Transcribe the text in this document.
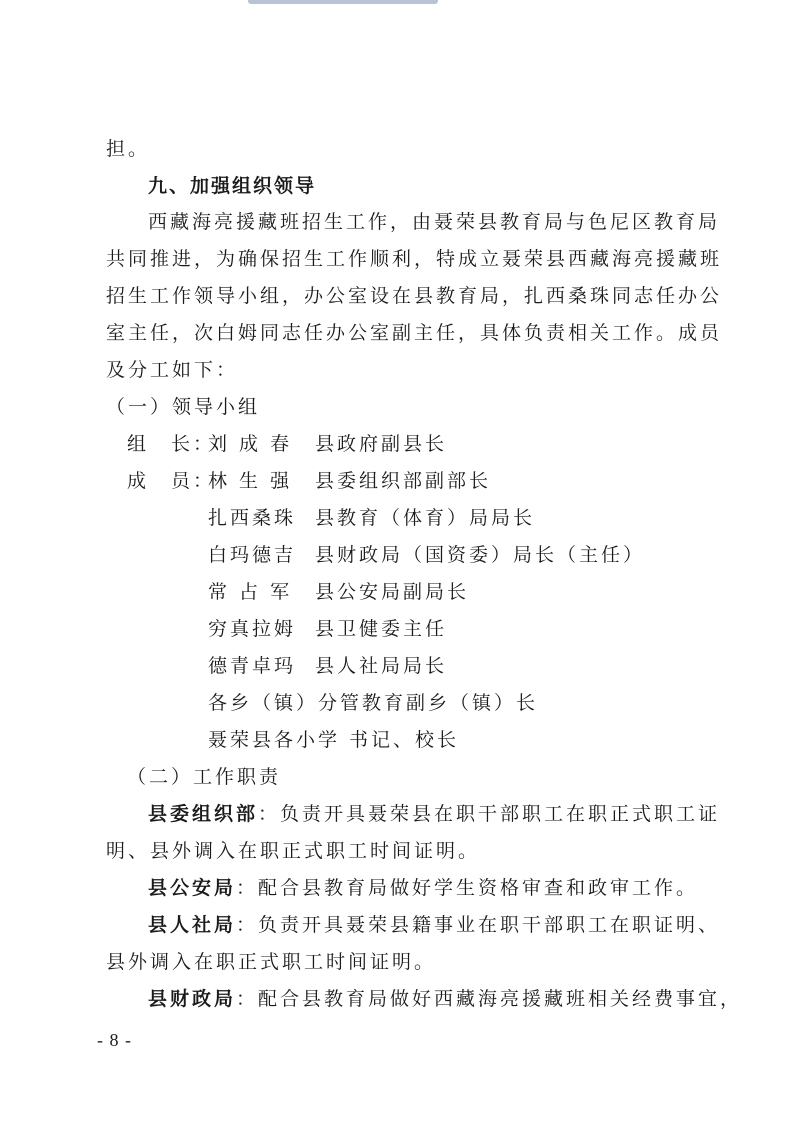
担。
九、加强组织领导
西藏海亮援藏班招生工作，由聂荣县教育局与色尼区教育局
共同推进，为确保招生工作顺利，特成立聂荣县西藏海亮援藏班
招生工作领导小组，办公室设在县教育局，扎西桑珠同志任办公
室主任，次白姆同志任办公室副主任，具体负责相关工作。成员
及分工如下：
（一）领导小组
组　长：
刘 成 春 县政府副县长
成　员：
林 生 强 县委组织部副部长
扎西桑珠 县教育（体育）局局长
白玛德吉 县财政局（国资委）局长（主任）
常 占 军 县公安局副局长
穷真拉姆 县卫健委主任
德青卓玛 县人社局局长
各乡（镇）分管教育副乡（镇）长
聂荣县各小学 书记、校长
（二）工作职责
县委组织部：负责开具聂荣县在职干部职工在职正式职工证
明、县外调入在职正式职工时间证明。
县公安局：配合县教育局做好学生资格审查和政审工作。
县人社局：负责开具聂荣县籍事业在职干部职工在职证明、
县外调入在职正式职工时间证明。
县财政局：配合县教育局做好西藏海亮援藏班相关经费事宜，
- 8 -
